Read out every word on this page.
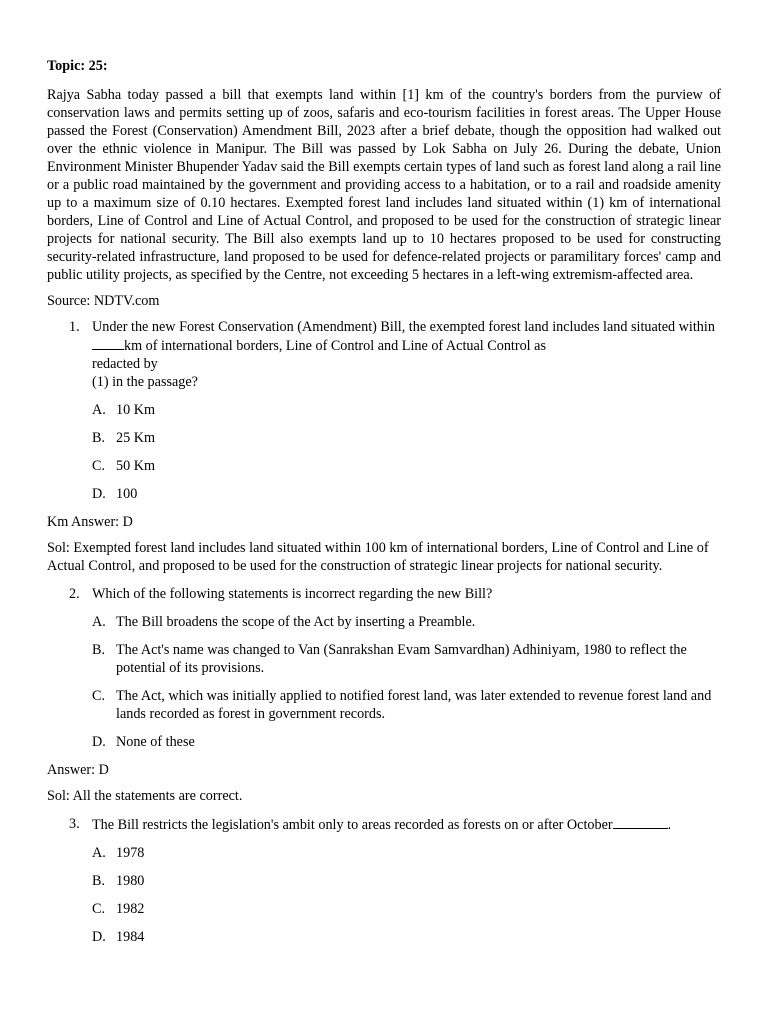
Topic: 25:

Rajya Sabha today passed a bill that exempts land within [1] km of the country's borders from the purview of conservation laws and permits setting up of zoos, safaris and eco-tourism facilities in forest areas. The Upper House passed the Forest (Conservation) Amendment Bill, 2023 after a brief debate, though the opposition had walked out over the ethnic violence in Manipur. The Bill was passed by Lok Sabha on July 26. During the debate, Union Environment Minister Bhupender Yadav said the Bill exempts certain types of land such as forest land along a rail line or a public road maintained by the government and providing access to a habitation, or to a rail and roadside amenity up to a maximum size of 0.10 hectares. Exempted forest land includes land situated within (1) km of international borders, Line of Control and Line of Actual Control, and proposed to be used for the construction of strategic linear projects for national security. The Bill also exempts land up to 10 hectares proposed to be used for constructing security-related infrastructure, land proposed to be used for defence-related projects or paramilitary forces' camp and public utility projects, as specified by the Centre, not exceeding 5 hectares in a left-wing extremism-affected area.

Source: NDTV.com

1. Under the new Forest Conservation (Amendment) Bill, the exempted forest land includes land situated withinkm of international borders, Line of Control and Line of Actual Control as
redacted by
(1) in the passage?
A. 10 Km
B. 25 Km
C. 50 Km
D. 100

Km Answer: D

Sol: Exempted forest land includes land situated within 100 km of international borders, Line of Control and Line of Actual Control, and proposed to be used for the construction of strategic linear projects for national security.

2. Which of the following statements is incorrect regarding the new Bill?
A. The Bill broadens the scope of the Act by inserting a Preamble.
B. The Act's name was changed to Van (Sanrakshan Evam Samvardhan) Adhiniyam, 1980 to reflect the potential of its provisions.
C. The Act, which was initially applied to notified forest land, was later extended to revenue forest land and lands recorded as forest in government records.
D. None of these

Answer: D

Sol: All the statements are correct.

3. The Bill restricts the legislation's ambit only to areas recorded as forests on or after October	.
A. 1978
B. 1980
C. 1982
D. 1984
